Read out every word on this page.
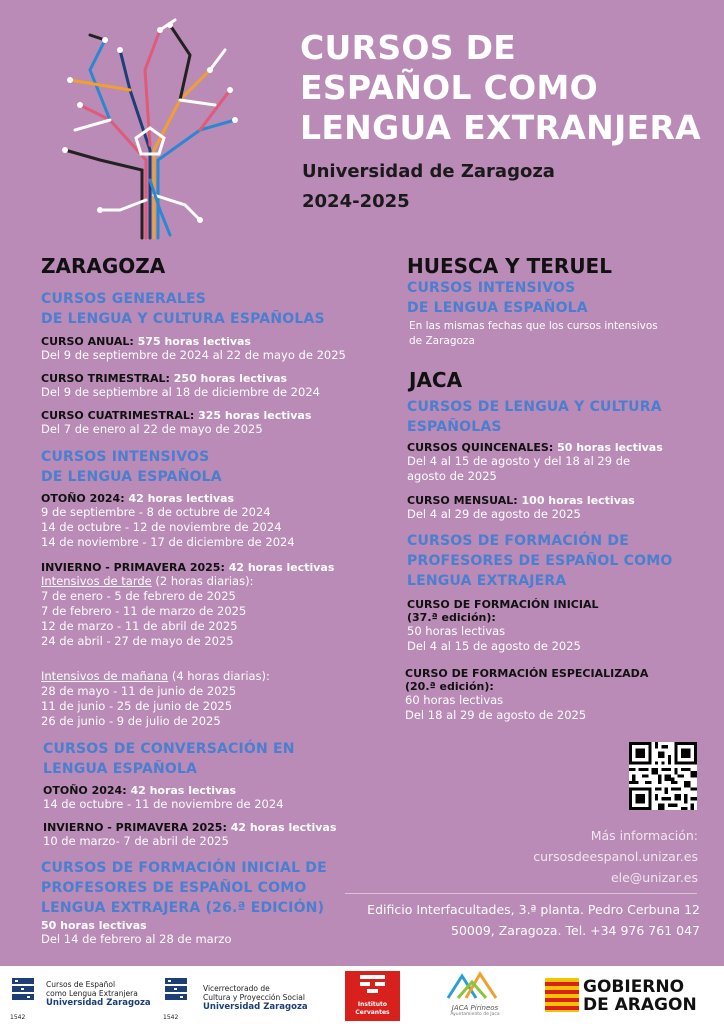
CURSOS DE
ESPAÑOL COMO
LENGUA EXTRANJERA
Universidad de Zaragoza
2024-2025
ZARAGOZA
CURSOS GENERALES
DE LENGUA Y CULTURA ESPAÑOLAS
CURSO ANUAL: 575 horas lectivas
Del 9 de septiembre de 2024 al 22 de mayo de 2025
CURSO TRIMESTRAL: 250 horas lectivas
Del 9 de septiembre al 18 de diciembre de 2024
CURSO CUATRIMESTRAL: 325 horas lectivas
Del 7 de enero al 22 de mayo de 2025
CURSOS INTENSIVOS
DE LENGUA ESPAÑOLA
OTOÑO 2024: 42 horas lectivas
9 de septiembre - 8 de octubre de 2024
14 de octubre - 12 de noviembre de 2024
14 de noviembre - 17 de diciembre de 2024
INVIERNO - PRIMAVERA 2025: 42 horas lectivas
Intensivos de tarde (2 horas diarias):
7 de enero - 5 de febrero de 2025
7 de febrero - 11 de marzo de 2025
12 de marzo - 11 de abril de 2025
24 de abril - 27 de mayo de 2025
Intensivos de mañana (4 horas diarias):
28 de mayo - 11 de junio de 2025
11 de junio - 25 de junio de 2025
26 de junio - 9 de julio de 2025
CURSOS DE CONVERSACIÓN EN
LENGUA ESPAÑOLA
OTOÑO 2024: 42 horas lectivas
14 de octubre - 11 de noviembre de 2024
INVIERNO - PRIMAVERA 2025: 42 horas lectivas
10 de marzo- 7 de abril de 2025
CURSOS DE FORMACIÓN INICIAL DE
PROFESORES DE ESPAÑOL COMO
LENGUA EXTRAJERA (26.ª EDICIÓN)
50 horas lectivas
Del 14 de febrero al 28 de marzo
HUESCA Y TERUEL
CURSOS INTENSIVOS
DE LENGUA ESPAÑOLA
En las mismas fechas que los cursos intensivos
de Zaragoza
JACA
CURSOS DE LENGUA Y CULTURA
ESPAÑOLAS
CURSOS QUINCENALES: 50 horas lectivas
Del 4 al 15 de agosto y del 18 al 29 de
agosto de 2025
CURSO MENSUAL: 100 horas lectivas
Del 4 al 29 de agosto de 2025
CURSOS DE FORMACIÓN DE
PROFESORES DE ESPAÑOL COMO
LENGUA EXTRAJERA
CURSO DE FORMACIÓN INICIAL
(37.ª edición):
50 horas lectivas
Del 4 al 15 de agosto de 2025
CURSO DE FORMACIÓN ESPECIALIZADA
(20.ª edición):
60 horas lectivas
Del 18 al 29 de agosto de 2025
Más información:
cursosdeespanol.unizar.es
ele@unizar.es
Edificio Interfacultades, 3.ª planta. Pedro Cerbuna 12
50009, Zaragoza. Tel. +34 976 761 047
1542
Cursos de Español
como Lengua Extranjera
Universidad Zaragoza
1542
Vicerrectorado de
Cultura y Proyección Social
Universidad Zaragoza	Instituto
Cervantes
JACA Pirineos
Ayuntamiento de Jaca
GOBIERNO
DE ARAGON
